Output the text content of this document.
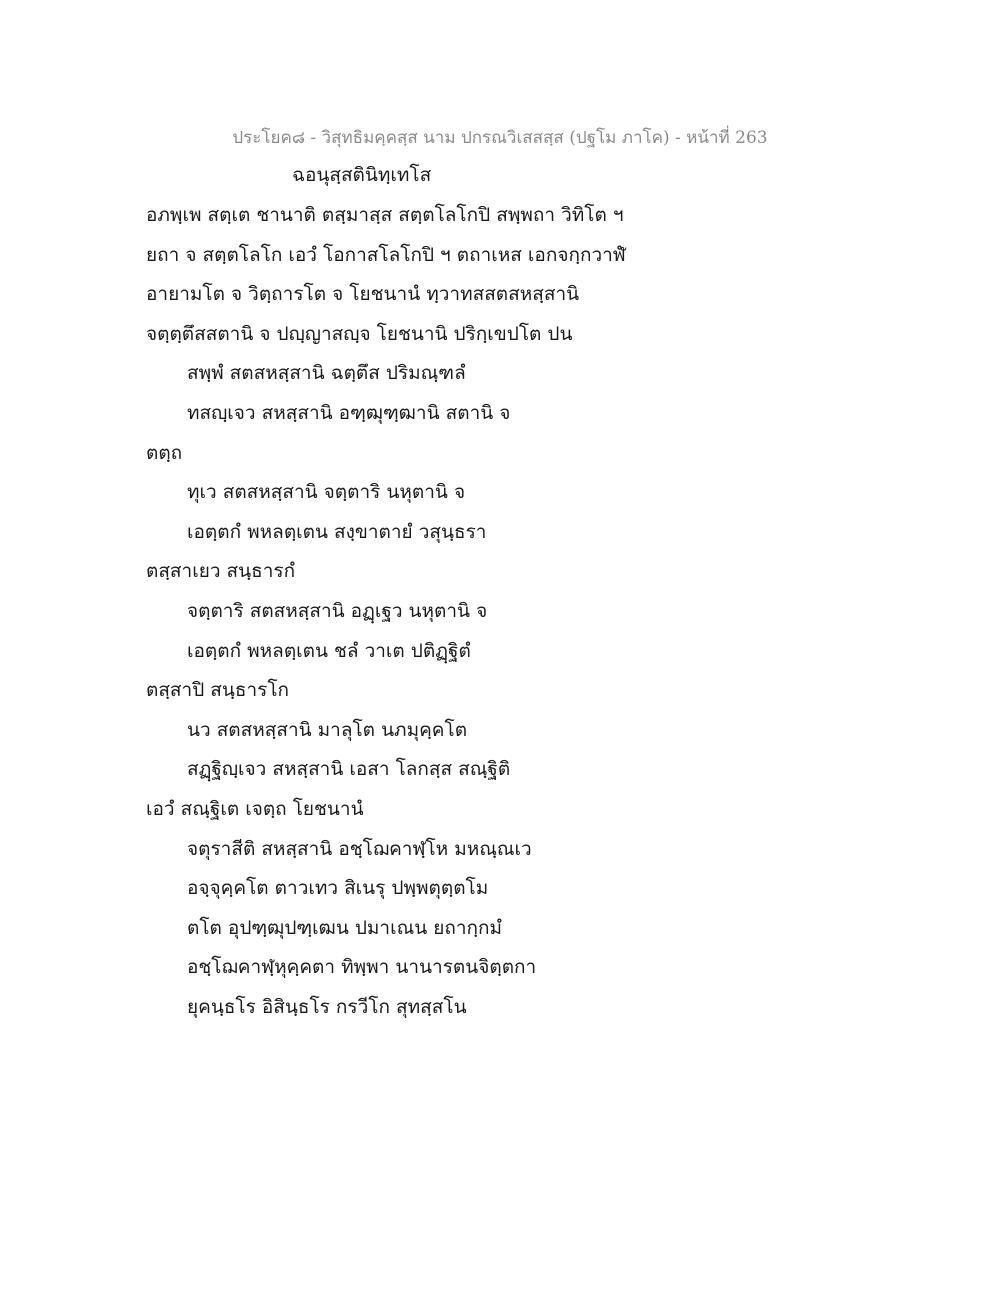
ประโยค๘ - วิสุทธิมคฺคสฺส นาม ปกรณวิเสสสฺส (ปฐโม ภาโค) - หน้าที่ 263
ฉอนุสฺสตินิทฺเทโส
อภพฺเพ สตฺเต ชานาติ ตสฺมาสฺส สตฺตโลโกปิ สพฺพถา วิทิโต ฯ
ยถา จ สตฺตโลโก เอวํ โอกาสโลโกปิ ฯ ตถาเหส เอกจกฺกวาฬํ
อายามโต จ วิตฺถารโต จ โยชนานํ ทฺวาทสสตสหสฺสานิ
จตฺตฺตึสสตานิ จ ปญฺญาสญฺจ โยชนานิ ปริกฺเขปโต ปน
สพฺพํ สตสหสฺสานิ ฉตฺตึส ปริมณฺฑลํ
ทสญฺเจว สหสฺสานิ อฑฺฒุฑฺฒานิ สตานิ จ
ตตฺถ
ทุเว สตสหสฺสานิ จตฺตาริ นหุตานิ จ
เอตฺตกํ พหลตฺเตน สงฺขาตายํ วสุนฺธรา
ตสฺสาเยว สนฺธารกํ
จตฺตาริ สตสหสฺสานิ อฏฺเฐว นหุตานิ จ
เอตฺตกํ พหลตฺเตน ชลํ วาเต ปติฏฺฐิตํ
ตสฺสาปิ สนฺธารโก
นว สตสหสฺสานิ มาลุโต นภมุคฺคโต
สฏฺฐิญฺเจว สหสฺสานิ เอสา โลกสฺส สณฺฐิติ
เอวํ สณฺฐิเต เจตฺถ โยชนานํ
จตุราสีติ สหสฺสานิ อชฺโฌคาฬฺโห มหณฺณเว
อจฺจุคฺคโต ตาวเทว สิเนรุ ปพฺพตุตฺตโม
ตโต อุปฑฺฒุปฑฺเฒน ปมาเณน ยถากฺกมํ
อชฺโฌคาฬฺหุคฺคตา ทิพฺพา นานารตนจิตฺตกา
ยุคนฺธโร อิสินฺธโร กรวีโก สุทสฺสโน
